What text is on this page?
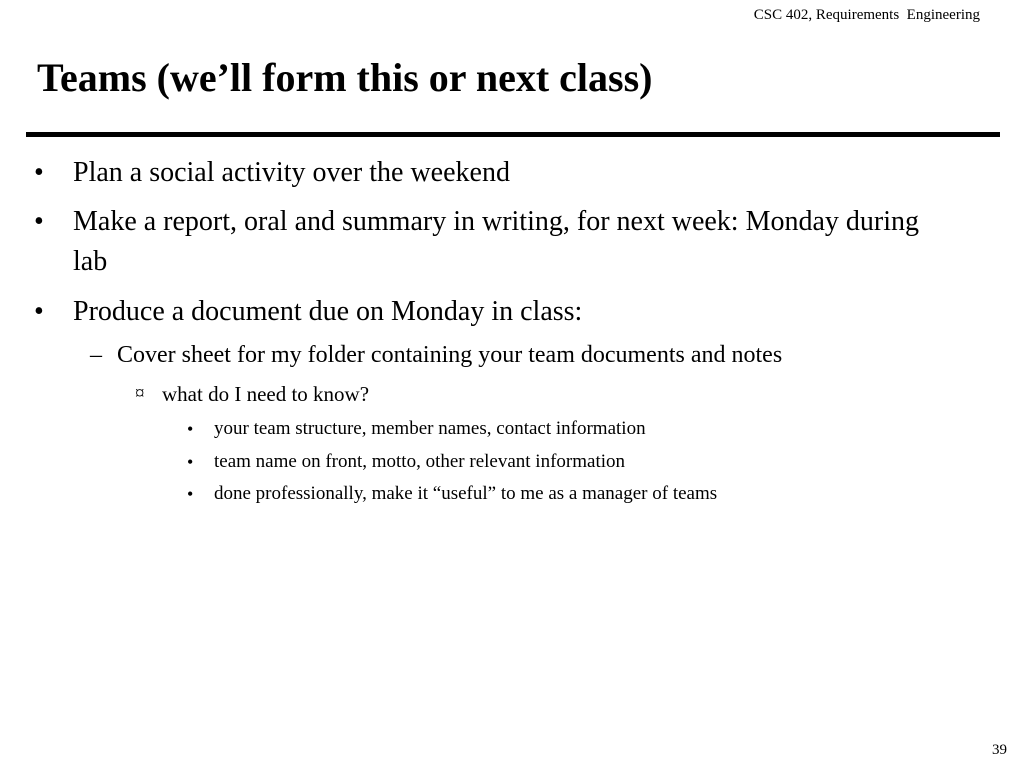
CSC 402, Requirements  Engineering
Teams (we’ll form this or next class)
• Plan a social activity over the weekend
• Make a report, oral and summary in writing, for next week: Monday during lab
• Produce a document due on Monday in class:
– Cover sheet for my folder containing your team documents and notes
¤ what do I need to know?
• your team structure, member names, contact information
• team name on front, motto, other relevant information
• done professionally, make it “useful” to me as a manager of teams
39
